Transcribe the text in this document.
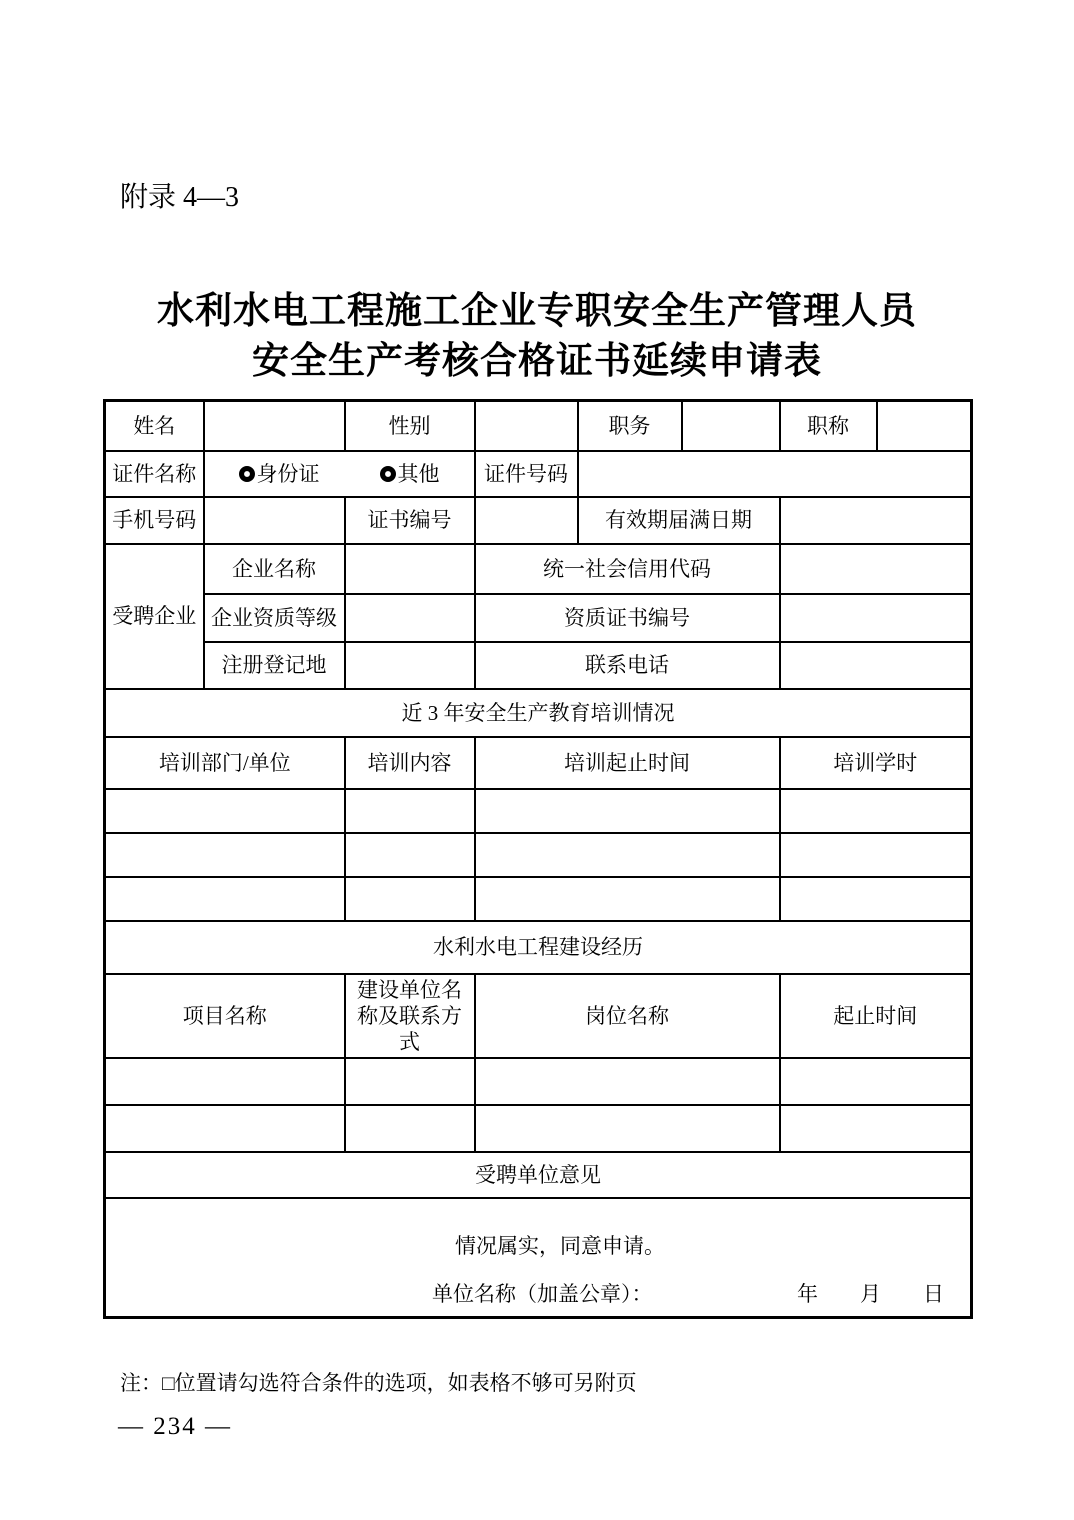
附录 4—3
水利水电工程施工企业专职安全生产管理人员
安全生产考核合格证书延续申请表
姓名		性别		职务		职称	
证件名称	身份证 其他		证件号码				
手机号码		证书编号		有效期届满日期			
受聘企业	企业名称		统一社会信用代码				
	企业资质等级		资质证书编号				
	注册登记地		联系电话				
近 3 年安全生产教育培训情况							
培训部门/单位		培训内容	培训起止时间			培训学时	

水利水电工程建设经历							
项目名称		建设单位名称及联系方式	岗位名称			起止时间	

受聘单位意见							

情况属实，同意申请。
单位名称（加盖公章）： 年 月 日							
注：□位置请勾选符合条件的选项，如表格不够可另附页
— 234 —
